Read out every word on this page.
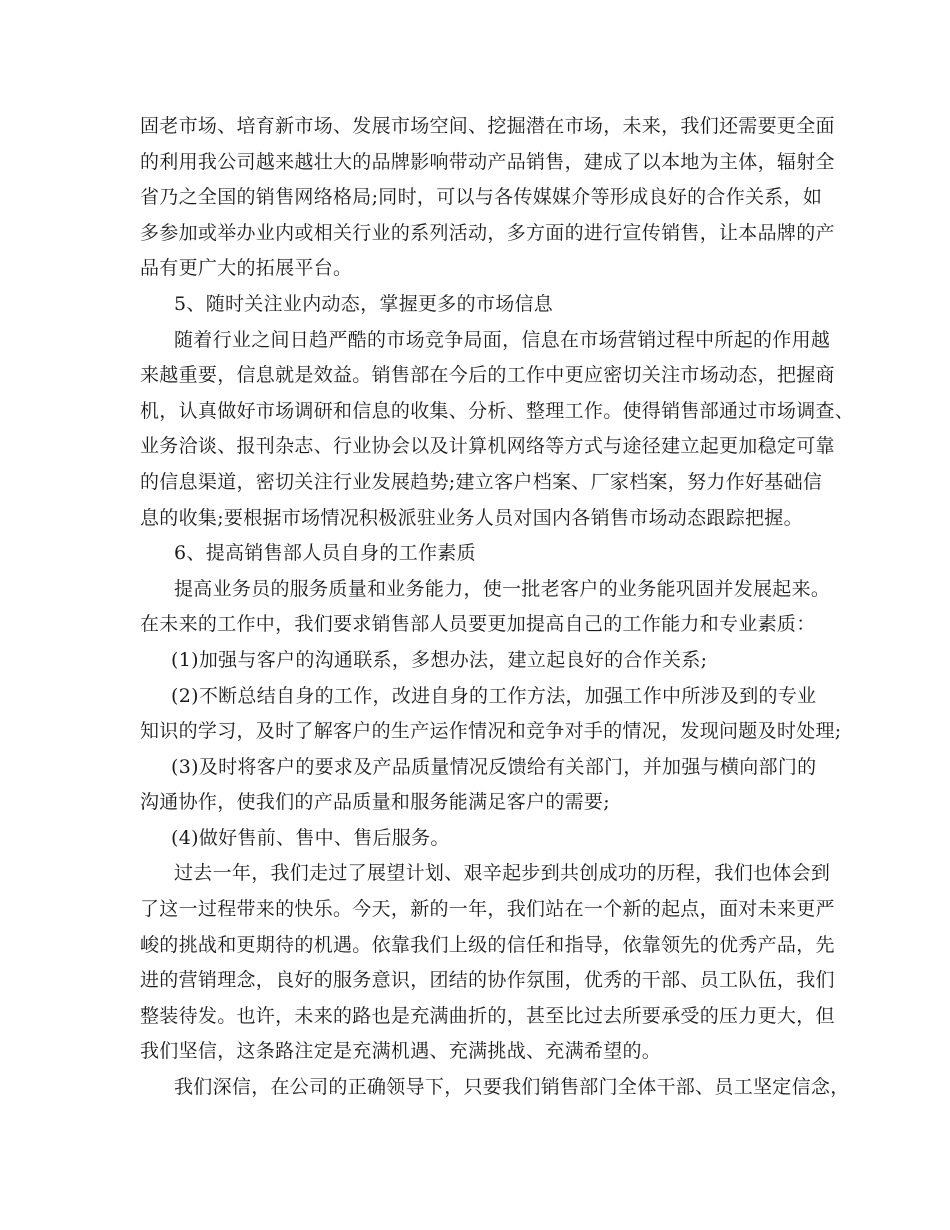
固老市场、培育新市场、发展市场空间、挖掘潜在市场，未来，我们还需要更全面

的利用我公司越来越壮大的品牌影响带动产品销售，建成了以本地为主体，辐射全

省乃之全国的销售网络格局;同时，可以与各传媒媒介等形成良好的合作关系，如

多参加或举办业内或相关行业的系列活动，多方面的进行宣传销售，让本品牌的产

品有更广大的拓展平台。

5、随时关注业内动态，掌握更多的市场信息

随着行业之间日趋严酷的市场竞争局面，信息在市场营销过程中所起的作用越

来越重要，信息就是效益。销售部在今后的工作中更应密切关注市场动态，把握商

机，认真做好市场调研和信息的收集、分析、整理工作。使得销售部通过市场调查、

业务洽谈、报刊杂志、行业协会以及计算机网络等方式与途径建立起更加稳定可靠

的信息渠道，密切关注行业发展趋势;建立客户档案、厂家档案，努力作好基础信

息的收集;要根据市场情况积极派驻业务人员对国内各销售市场动态跟踪把握。

6、提高销售部人员自身的工作素质

提高业务员的服务质量和业务能力，使一批老客户的业务能巩固并发展起来。

在未来的工作中，我们要求销售部人员要更加提高自己的工作能力和专业素质：

(1)加强与客户的沟通联系，多想办法，建立起良好的合作关系;

(2)不断总结自身的工作，改进自身的工作方法，加强工作中所涉及到的专业

知识的学习，及时了解客户的生产运作情况和竞争对手的情况，发现问题及时处理;

(3)及时将客户的要求及产品质量情况反馈给有关部门，并加强与横向部门的

沟通协作，使我们的产品质量和服务能满足客户的需要;

(4)做好售前、售中、售后服务。

过去一年，我们走过了展望计划、艰辛起步到共创成功的历程，我们也体会到

了这一过程带来的快乐。今天，新的一年，我们站在一个新的起点，面对未来更严

峻的挑战和更期待的机遇。依靠我们上级的信任和指导，依靠领先的优秀产品，先

进的营销理念，良好的服务意识，团结的协作氛围，优秀的干部、员工队伍，我们

整装待发。也许，未来的路也是充满曲折的，甚至比过去所要承受的压力更大，但

我们坚信，这条路注定是充满机遇、充满挑战、充满希望的。

我们深信，在公司的正确领导下，只要我们销售部门全体干部、员工坚定信念，
